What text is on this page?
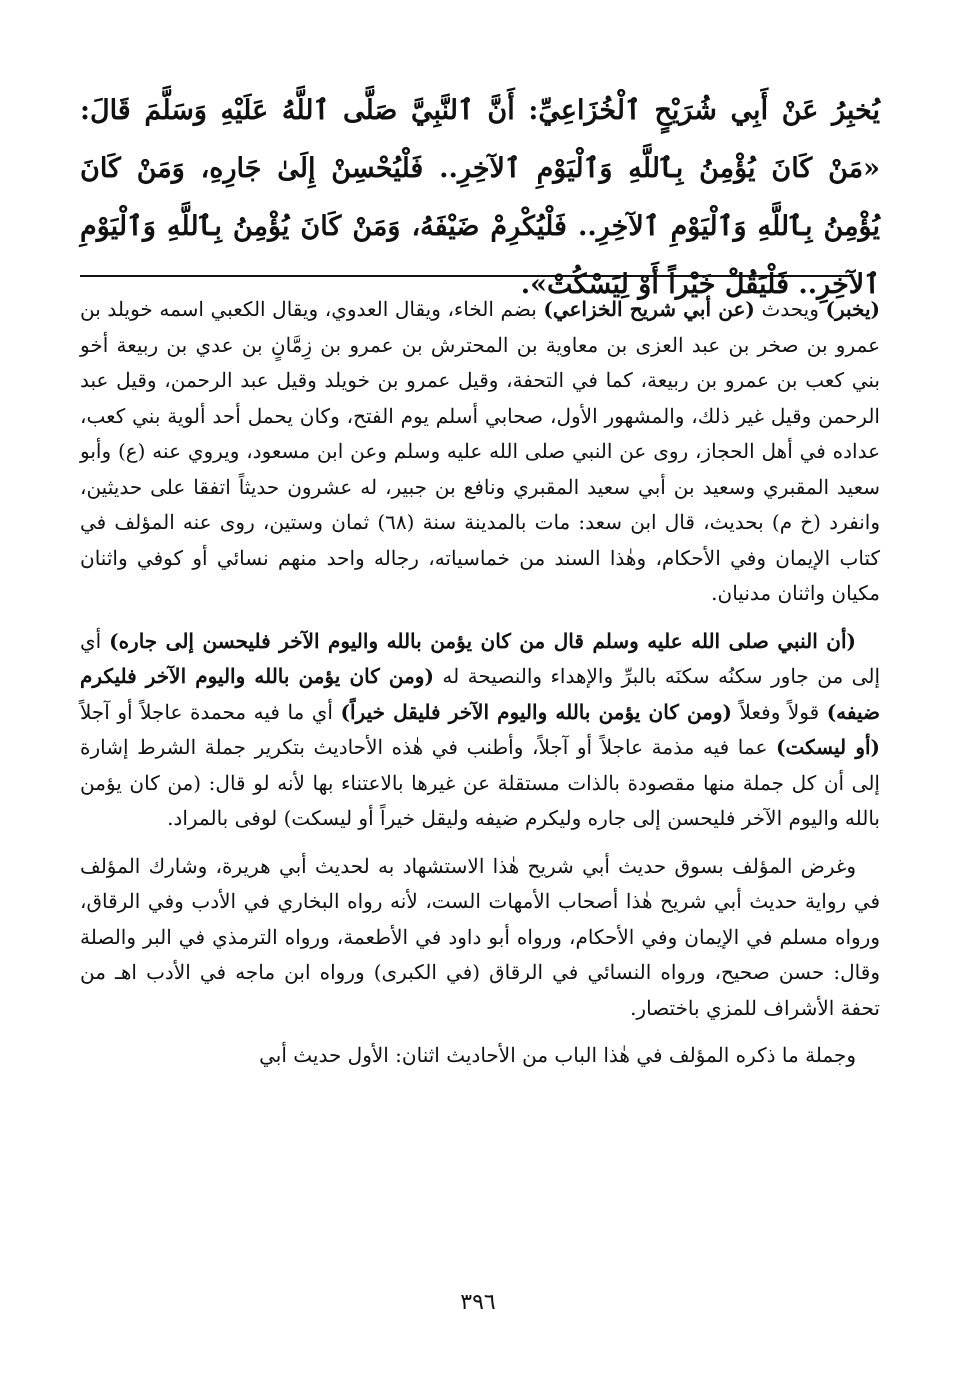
يُخبِرُ عَنْ أَبِي شُرَيْحٍ ٱلْخُزَاعِيِّ: أَنَّ ٱلنَّبِيَّ صَلَّى ٱللَّهُ عَلَيْهِ وَسَلَّمَ قَالَ: «مَنْ كَانَ يُؤْمِنُ بِٱللَّهِ وَٱلْيَوْمِ ٱلآخِرِ.. فَلْيُحْسِنْ إِلَىٰ جَارِهِ، وَمَنْ كَانَ يُؤْمِنُ بِٱللَّهِ وَٱلْيَوْمِ ٱلآخِرِ.. فَلْيُكْرِمْ ضَيْفَهُ، وَمَنْ كَانَ يُؤْمِنُ بِٱللَّهِ وَٱلْيَوْمِ ٱلآخِرِ.. فَلْيَقُلْ خَيْراً أَوْ لِيَسْكُتْ».

(يخبر) ويحدث (عن أبي شريح الخزاعي) بضم الخاء، ويقال العدوي، ويقال الكعبي اسمه خويلد بن عمرو بن صخر بن عبد العزى بن معاوية بن المحترش بن عمرو بن زِمَّانٍ بن عدي بن ربيعة أخو بني كعب بن عمرو بن ربيعة، كما في التحفة، وقيل عمرو بن خويلد وقيل عبد الرحمن، وقيل عبد الرحمن وقيل غير ذلك، والمشهور الأول، صحابي أسلم يوم الفتح، وكان يحمل أحد ألوية بني كعب، عداده في أهل الحجاز، روى عن النبي صلى الله عليه وسلم وعن ابن مسعود، ويروي عنه (ع) وأبو سعيد المقبري وسعيد بن أبي سعيد المقبري ونافع بن جبير، له عشرون حديثاً اتفقا على حديثين، وانفرد (خ م) بحديث، قال ابن سعد: مات بالمدينة سنة (٦٨) ثمان وستين، روى عنه المؤلف في كتاب الإيمان وفي الأحكام، وهٰذا السند من خماسياته، رجاله واحد منهم نسائي أو كوفي واثنان مكيان واثنان مدنيان.

(أن النبي صلى الله عليه وسلم قال من كان يؤمن بالله واليوم الآخر فليحسن إلى جاره) أي إلى من جاور سكنُه سكنَه بالبرِّ والإهداء والنصيحة له (ومن كان يؤمن بالله واليوم الآخر فليكرم ضيفه) قولاً وفعلاً (ومن كان يؤمن بالله واليوم الآخر فليقل خيراً) أي ما فيه محمدة عاجلاً أو آجلاً (أو ليسكت) عما فيه مذمة عاجلاً أو آجلاً، وأطنب في هٰذه الأحاديث بتكرير جملة الشرط إشارة إلى أن كل جملة منها مقصودة بالذات مستقلة عن غيرها بالاعتناء بها لأنه لو قال: (من كان يؤمن بالله واليوم الآخر فليحسن إلى جاره وليكرم ضيفه وليقل خيراً أو ليسكت) لوفى بالمراد.

وغرض المؤلف بسوق حديث أبي شريح هٰذا الاستشهاد به لحديث أبي هريرة، وشارك المؤلف في رواية حديث أبي شريح هٰذا أصحاب الأمهات الست، لأنه رواه البخاري في الأدب وفي الرقاق، ورواه مسلم في الإيمان وفي الأحكام، ورواه أبو داود في الأطعمة، ورواه الترمذي في البر والصلة وقال: حسن صحيح، ورواه النسائي في الرقاق (في الكبرى) ورواه ابن ماجه في الأدب اهـ من تحفة الأشراف للمزي باختصار.

وجملة ما ذكره المؤلف في هٰذا الباب من الأحاديث اثنان: الأول حديث أبي

٣٩٦
